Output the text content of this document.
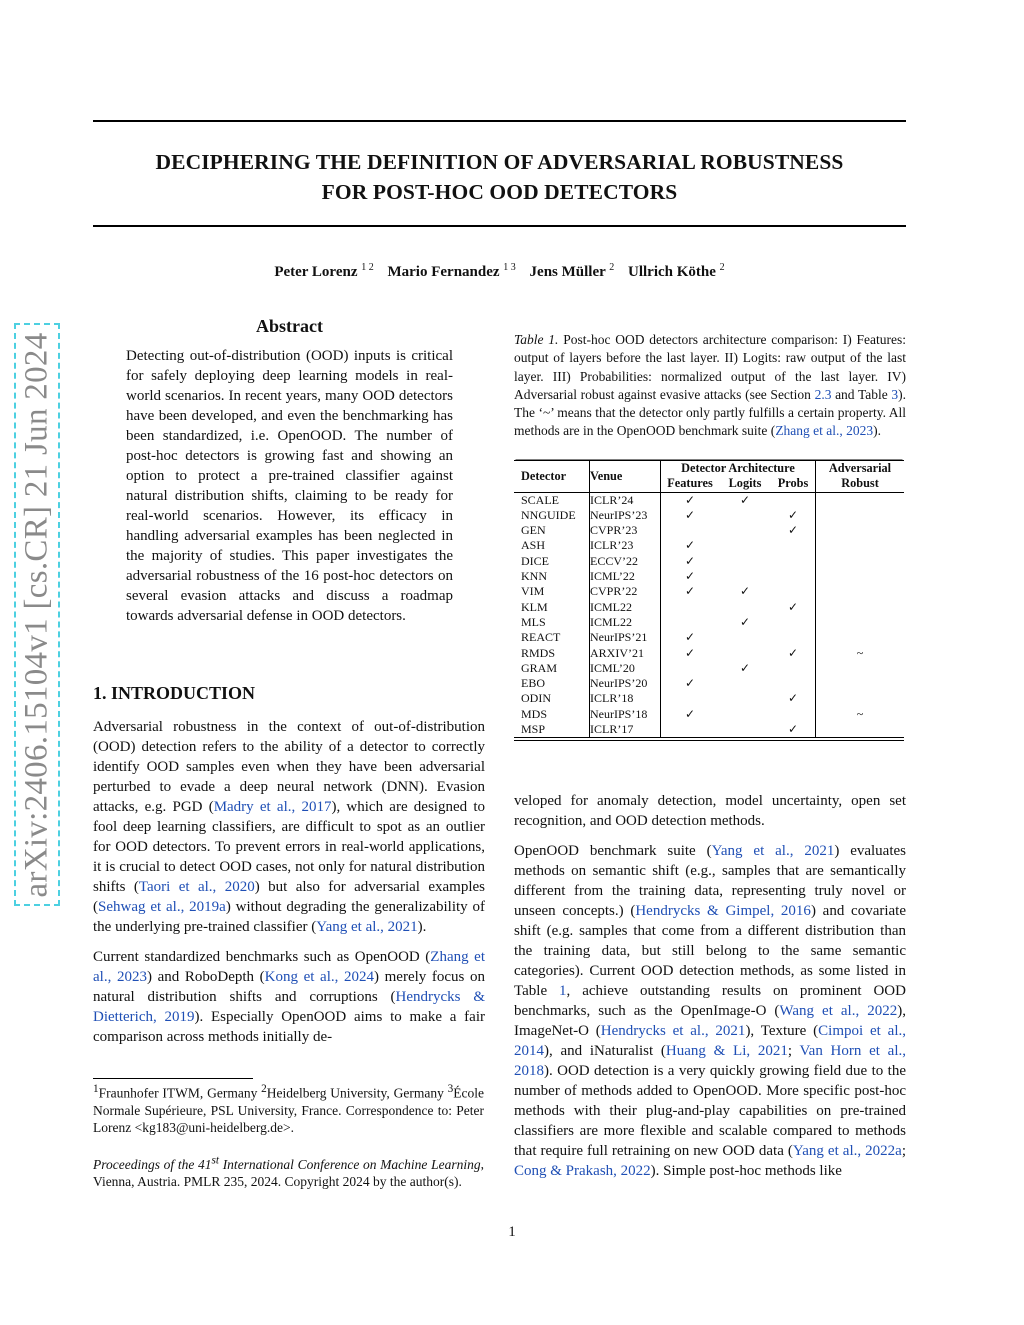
DECIPHERING THE DEFINITION OF ADVERSARIAL ROBUSTNESS
FOR POST-HOC OOD DETECTORS
Peter Lorenz $^{1 2}$ Mario Fernandez $^{1 3}$ Jens Müller $^2$ Ullrich Köthe $^2$
arXiv:2406.15104v1 [cs.CR] 21 Jun 2024
Abstract
Detecting out-of-distribution (OOD) inputs is critical for safely deploying deep learning models in real-world scenarios. In recent years, many OOD detectors have been developed, and even the benchmarking has been standardized, i.e. OpenOOD. The number of post-hoc detectors is growing fast and showing an option to protect a pre-trained classifier against natural distribution shifts, claiming to be ready for real-world scenarios. However, its efficacy in handling adversarial examples has been neglected in the majority of studies. This paper investigates the adversarial robustness of the 16 post-hoc detectors on several evasion attacks and discuss a roadmap towards adversarial defense in OOD detectors.
1. INTRODUCTION

Adversarial robustness in the context of out-of-distribution (OOD) detection refers to the ability of a detector to correctly identify OOD samples even when they have been adversarial perturbed to evade a deep neural network (DNN). Evasion attacks, e.g. PGD (Madry et al., 2017), which are designed to fool deep learning classifiers, are difficult to spot as an outlier for OOD detectors. To prevent errors in real-world applications, it is crucial to detect OOD cases, not only for natural distribution shifts (Taori et al., 2020) but also for adversarial examples (Sehwag et al., 2019a) without degrading the generalizability of the underlying pre-trained classifier (Yang et al., 2021).

Current standardized benchmarks such as OpenOOD (Zhang et al., 2023) and RoboDepth (Kong et al., 2024) merely focus on natural distribution shifts and corruptions (Hendrycks & Dietterich, 2019). Especially OpenOOD aims to make a fair comparison across methods initially de-

$^1$Fraunhofer ITWM, Germany $^2$Heidelberg University, Germany $^3$École Normale Supérieure, PSL University, France. Correspondence to: Peter Lorenz <kg183@uni-heidelberg.de>.
Proceedings of the 41st International Conference on Machine Learning, Vienna, Austria. PMLR 235, 2024. Copyright 2024 by the author(s).
Table 1. Post-hoc OOD detectors architecture comparison: I) Features: output of layers before the last layer. II) Logits: raw output of the last layer. III) Probabilities: normalized output of the last layer. IV) Adversarial robust against evasive attacks (see Section 2.3 and Table 3). The ‘~’ means that the detector only partly fulfills a certain property. All methods are in the OpenOOD benchmark suite (Zhang et al., 2023).
Detector	Venue	Detector Architecture			Adversarial
		Features	Logits	Probs	Robust
SCALE	ICLR’24	✓	✓		
NNGUIDE	NeurIPS’23	✓		✓	
GEN	CVPR’23			✓	
ASH	ICLR’23	✓			
DICE	ECCV’22	✓			
KNN	ICML’22	✓			
VIM	CVPR’22	✓	✓		
KLM	ICML22			✓	
MLS	ICML22		✓		
REACT	NeurIPS’21	✓			
RMDS	ARXIV’21	✓		✓	~
GRAM	ICML’20		✓		
EBO	NeurIPS’20	✓			
ODIN	ICLR’18			✓	
MDS	NeurIPS’18	✓			~
MSP	ICLR’17			✓	

veloped for anomaly detection, model uncertainty, open set recognition, and OOD detection methods.

OpenOOD benchmark suite (Yang et al., 2021) evaluates methods on semantic shift (e.g., samples that are semantically different from the training data, representing truly novel or unseen concepts.) (Hendrycks & Gimpel, 2016) and covariate shift (e.g. samples that come from a different distribution than the training data, but still belong to the same semantic categories). Current OOD detection methods, as some listed in Table 1, achieve outstanding results on prominent OOD benchmarks, such as the OpenImage-O (Wang et al., 2022), ImageNet-O (Hendrycks et al., 2021), Texture (Cimpoi et al., 2014), and iNaturalist (Huang & Li, 2021; Van Horn et al., 2018). OOD detection is a very quickly growing field due to the number of methods added to OpenOOD. More specific post-hoc methods with their plug-and-play capabilities on pre-trained classifiers are more flexible and scalable compared to methods that require full retraining on new OOD data (Yang et al., 2022a; Cong & Prakash, 2022). Simple post-hoc methods like

1
